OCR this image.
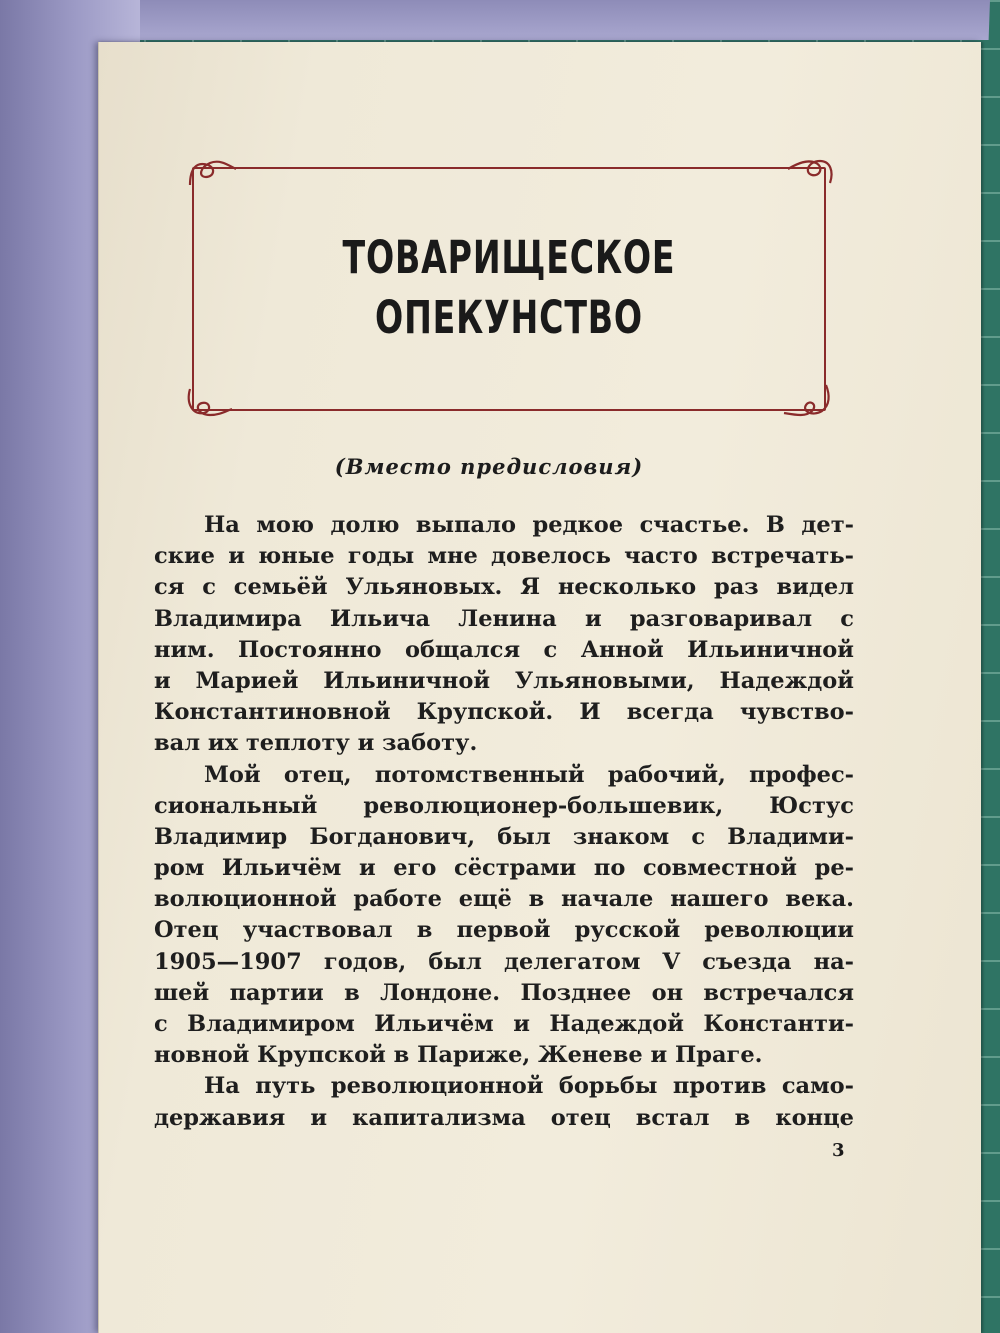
ТОВАРИЩЕСКОЕ
ОПЕКУНСТВО
(Вместо предисловия)
На мою долю выпало редкое счастье. В дет-
ские и юные годы мне довелось часто встречать-
ся с семьёй Ульяновых. Я несколько раз видел
Владимира Ильича Ленина и разговаривал с
ним. Постоянно общался с Анной Ильиничной
и Марией Ильиничной Ульяновыми, Надеждой
Константиновной Крупской. И всегда чувство-
вал их теплоту и заботу.
Мой отец, потомственный рабочий, профес-
сиональный революционер-большевик, Юстус
Владимир Богданович, был знаком с Владими-
ром Ильичём и его сёстрами по совместной ре-
волюционной работе ещё в начале нашего века.
Отец участвовал в первой русской революции
1905—1907 годов, был делегатом V съезда на-
шей партии в Лондоне. Позднее он встречался
с Владимиром Ильичём и Надеждой Константи-
новной Крупской в Париже, Женеве и Праге.
На путь революционной борьбы против само-
державия и капитализма отец встал в конце
3
